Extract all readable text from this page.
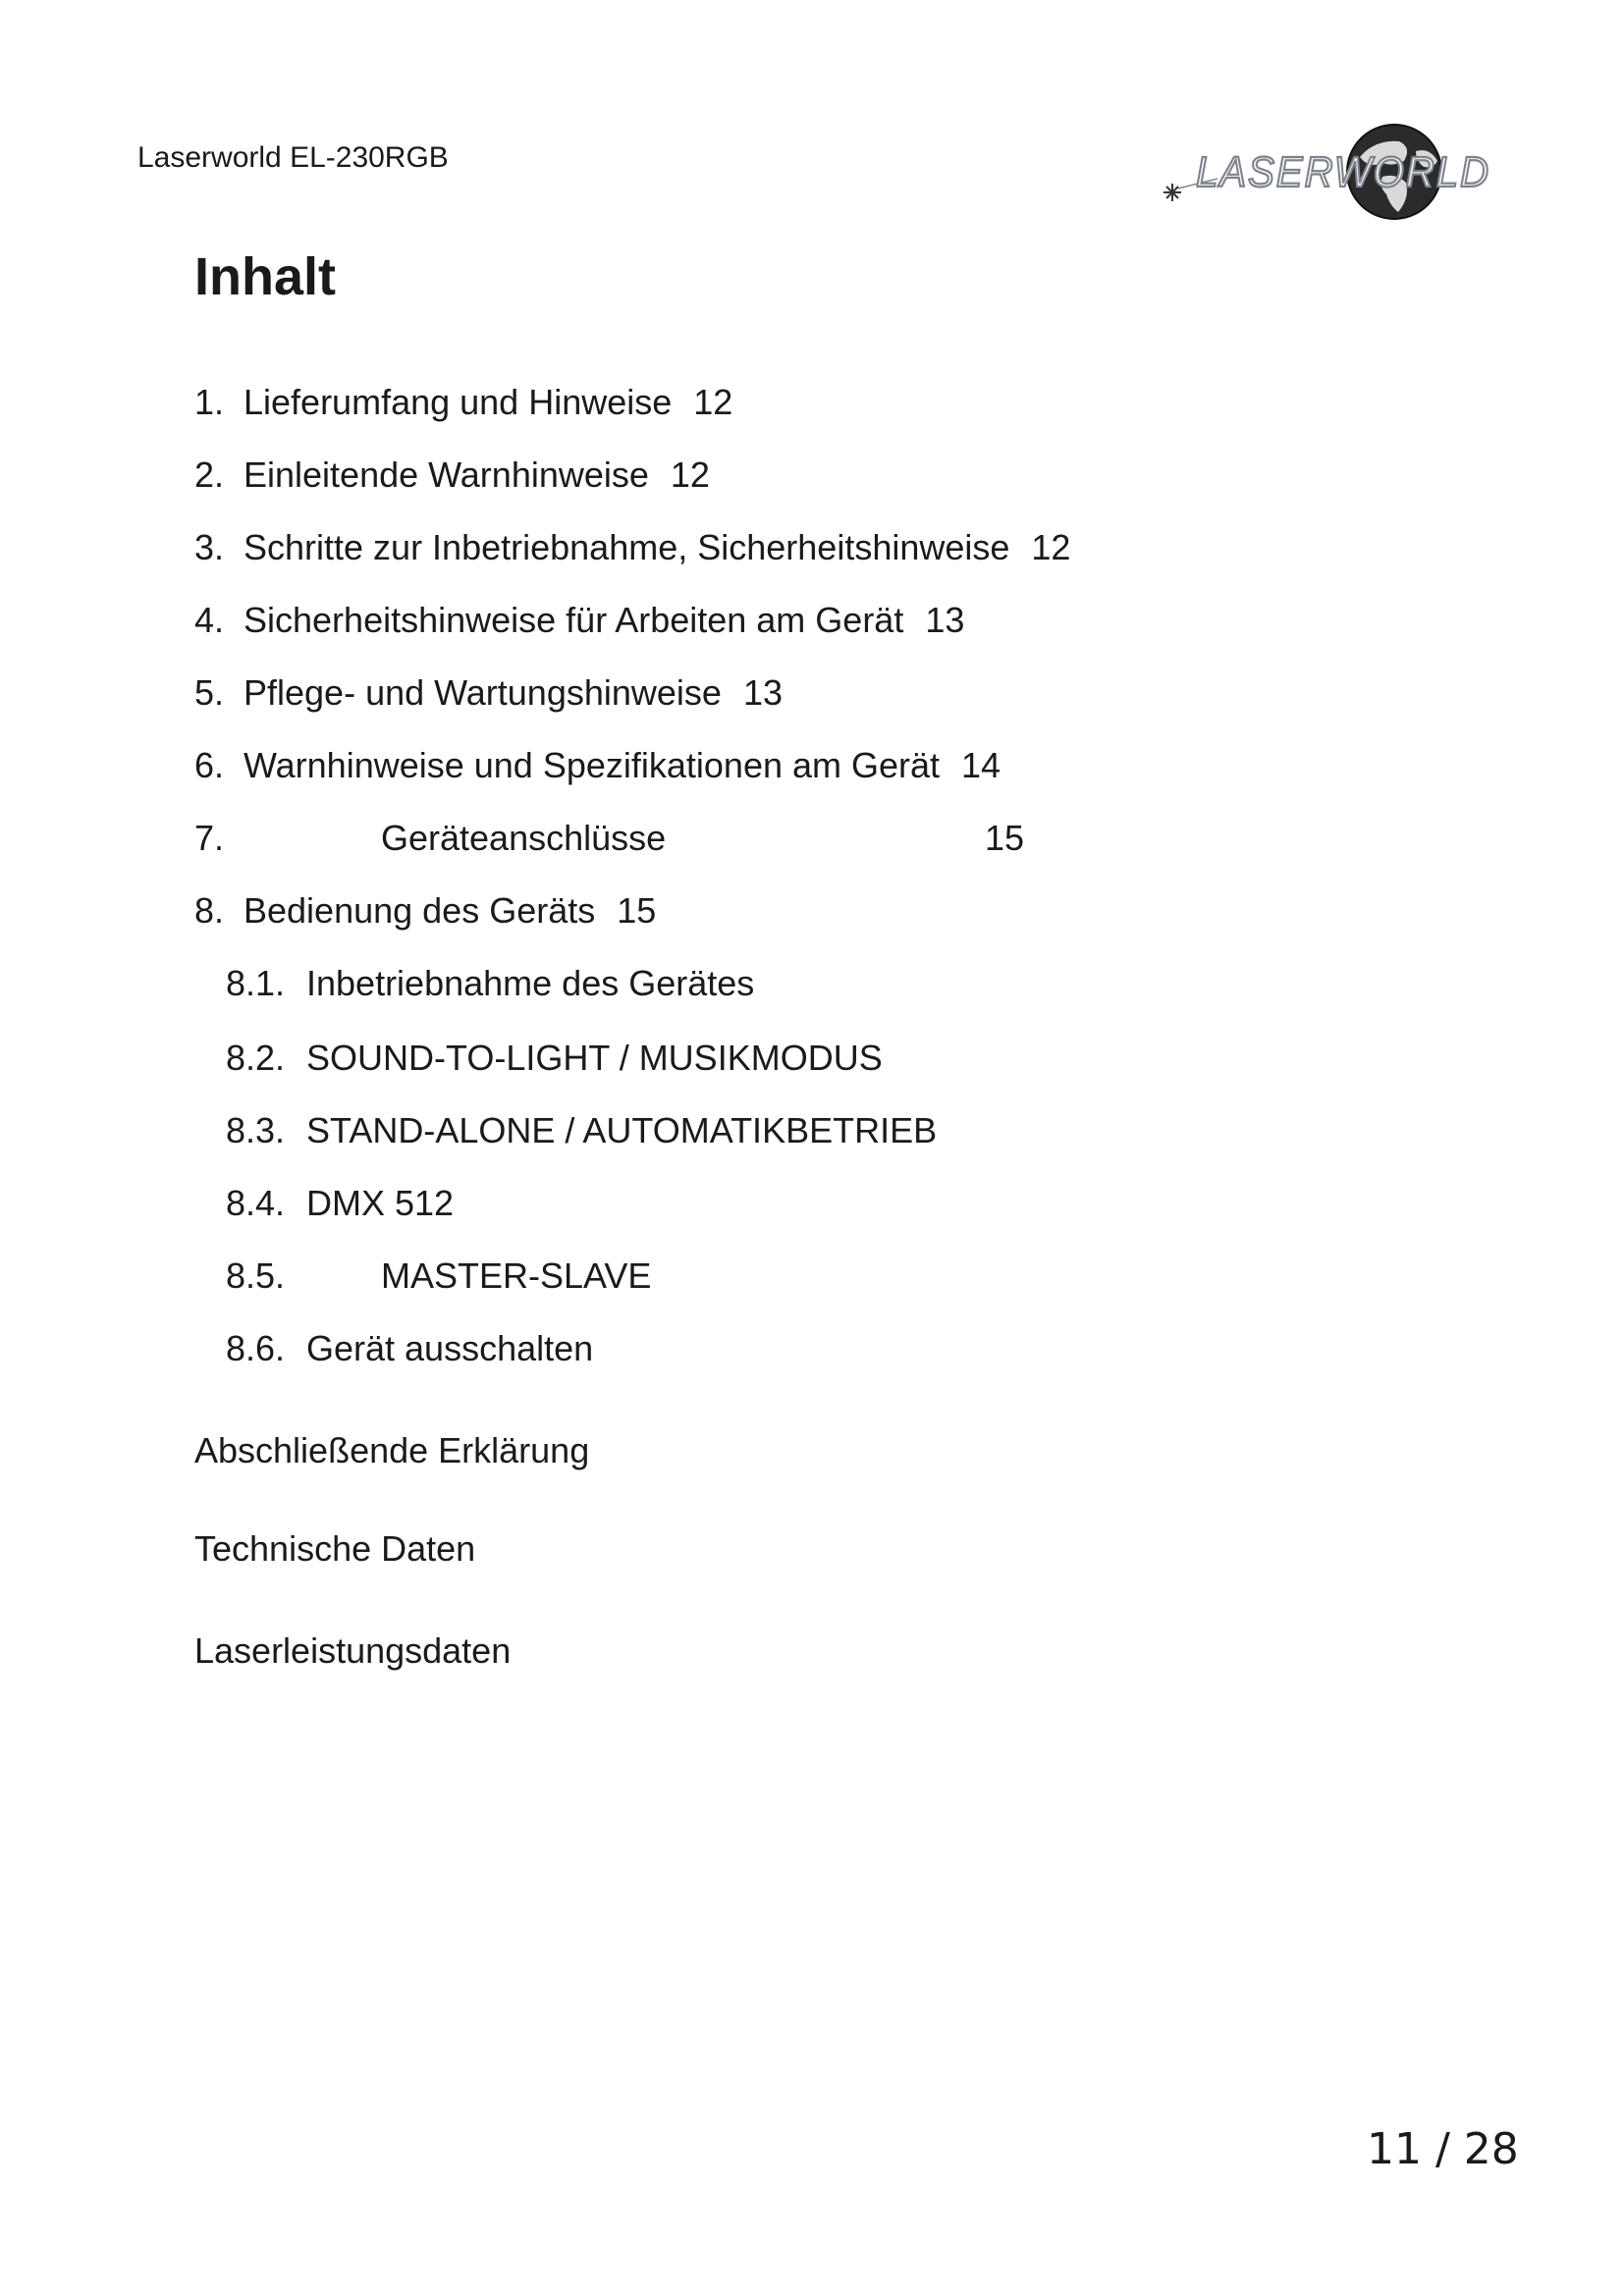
Laserworld EL-230RGB	LASERWORLD
Inhalt
1. Lieferumfang und Hinweise 12
2. Einleitende Warnhinweise 12
3. Schritte zur Inbetriebnahme, Sicherheitshinweise 12
4. Sicherheitshinweise für Arbeiten am Gerät 13
5. Pflege- und Wartungshinweise 13
6. Warnhinweise und Spezifikationen am Gerät 14
7.	Geräteanschlüsse	15
8. Bedienung des Geräts 15
8.1. Inbetriebnahme des Gerätes
8.2. SOUND-TO-LIGHT / MUSIKMODUS
8.3. STAND-ALONE / AUTOMATIKBETRIEB
8.4. DMX 512
8.5.	MASTER-SLAVE
8.6. Gerät ausschalten
Abschließende Erklärung
Technische Daten
Laserleistungsdaten
11 / 28
